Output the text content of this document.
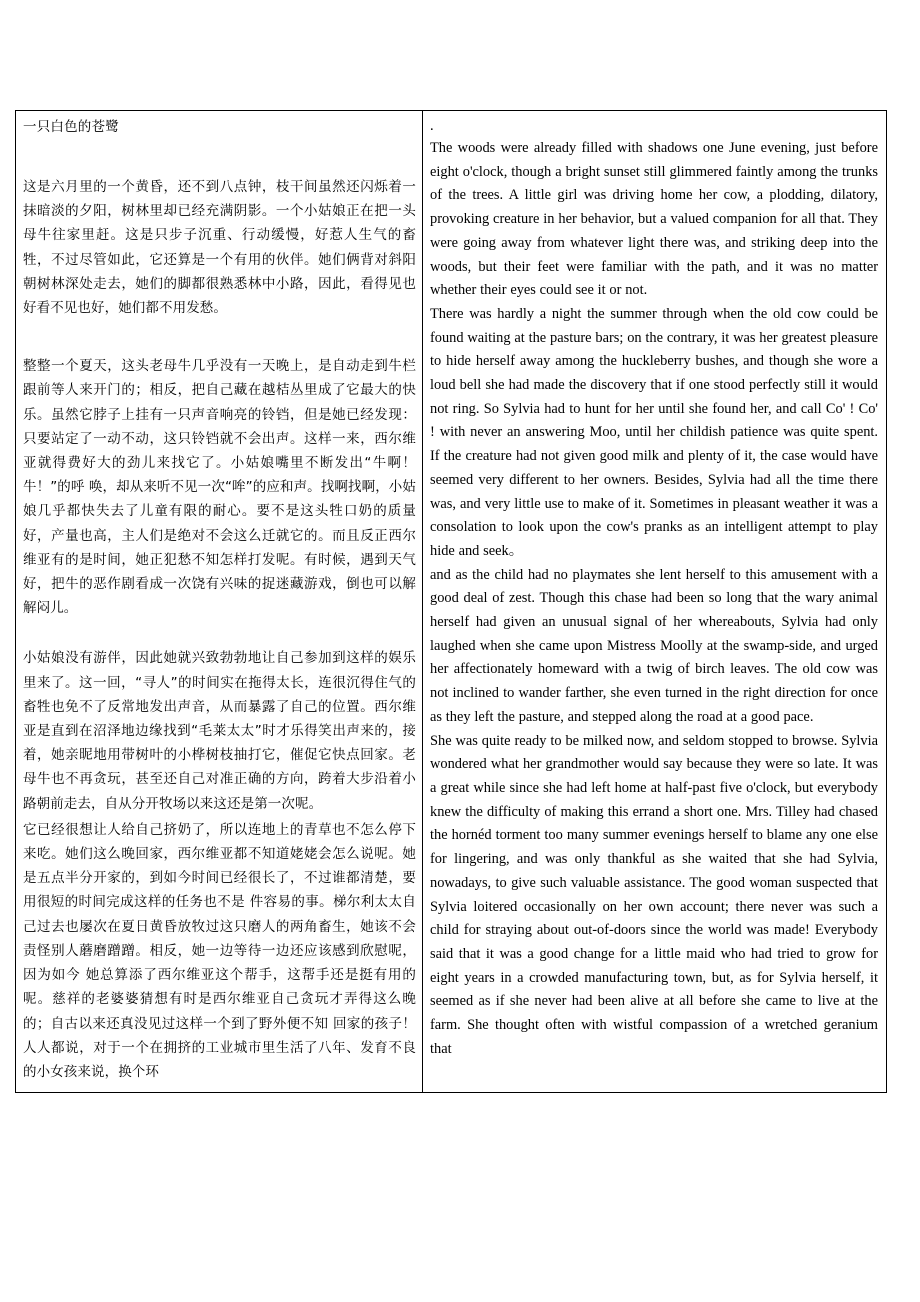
一只白色的苍鹭

这是六月里的一个黄昏，还不到八点钟，枝干间虽然还闪烁着一抹暗淡的夕阳，树林里却已经充满阴影。一个小姑娘正在把一头母牛往家里赶。这是只步子沉重、行动缓慢，好惹人生气的畜牲，不过尽管如此，它还算是一个有用的伙伴。她们俩背对斜阳朝树林深处走去，她们的脚都很熟悉林中小路，因此，看得见也好看不见也好，她们都不用发愁。

整整一个夏天，这头老母牛几乎没有一天晚上，是自动走到牛栏跟前等人来开门的；相反，把自己藏在越桔丛里成了它最大的快乐。虽然它脖子上挂有一只声音响亮的铃铛，但是她已经发现：只要站定了一动不动，这只铃铛就不会出声。这样一来，西尔维亚就得费好大的劲儿来找它了。小姑娘嘴里不断发出“牛啊！牛！”的呼 唤，却从来听不见一次“哞”的应和声。找啊找啊，小姑娘几乎都快失去了儿童有限的耐心。要不是这头牲口奶的质量好，产量也高，主人们是绝对不会这么迁就它的。而且反正西尔维亚有的是时间，她正犯愁不知怎样打发呢。有时候，遇到天气好，把牛的恶作剧看成一次饶有兴味的捉迷藏游戏，倒也可以解解闷儿。

小姑娘没有游伴，因此她就兴致勃勃地让自己参加到这样的娱乐里来了。这一回，“寻人”的时间实在拖得太长，连很沉得住气的畜牲也免不了反常地发出声音，从而暴露了自己的位置。西尔维亚是直到在沼泽地边缘找到“毛莱太太”时才乐得笑出声来的，接着，她亲昵地用带树叶的小桦树枝抽打它，催促它快点回家。老母牛也不再贪玩，甚至还自己对准正确的方向，跨着大步沿着小路朝前走去，自从分开牧场以来这还是第一次呢。

它已经很想让人给自己挤奶了，所以连地上的青草也不怎么停下 来吃。她们这么晚回家，西尔维亚都不知道姥姥会怎么说呢。她是五点半分开家的，到如今时间已经很长了，不过谁都清楚，要用很短的时间完成这样的任务也不是 件容易的事。梯尔利太太自己过去也屡次在夏日黄昏放牧过这只磨人的两角畜生，她该不会责怪别人蘑磨蹭蹭。相反，她一边等待一边还应该感到欣慰呢，因为如今 她总算添了西尔维亚这个帮手，这帮手还是挺有用的呢。慈祥的老婆婆猜想有时是西尔维亚自己贪玩才弄得这么晚的；自古以来还真没见过这样一个到了野外便不知 回家的孩子！人人都说，对于一个在拥挤的工业城市里生活了八年、发育不良的小女孩来说，换个环

.

The woods were already filled with shadows one June evening, just before eight o'clock, though a bright sunset still glimmered faintly among the trunks of the trees. A little girl was driving home her cow, a plodding, dilatory, provoking creature in her behavior, but a valued companion for all that. They were going away from whatever light there was, and striking deep into the woods, but their feet were familiar with the path, and it was no matter whether their eyes could see it or not.

There was hardly a night the summer through when the old cow could be found waiting at the pasture bars; on the contrary, it was her greatest pleasure to hide herself away among the huckleberry bushes, and though she wore a loud bell she had made the discovery that if one stood perfectly still it would not ring. So Sylvia had to hunt for her until she found her, and call Co' ! Co' ! with never an answering Moo, until her childish patience was quite spent. If the creature had not given good milk and plenty of it, the case would have seemed very different to her owners. Besides, Sylvia had all the time there was, and very little use to make of it. Sometimes in pleasant weather it was a consolation to look upon the cow's pranks as an intelligent attempt to play hide and seek。

and as the child had no playmates she lent herself to this amusement with a good deal of zest. Though this chase had been so long that the wary animal herself had given an unusual signal of her whereabouts, Sylvia had only laughed when she came upon Mistress Moolly at the swamp-side, and urged her affectionately homeward with a twig of birch leaves. The old cow was not inclined to wander farther, she even turned in the right direction for once as they left the pasture, and stepped along the road at a good pace.

She was quite ready to be milked now, and seldom stopped to browse. Sylvia wondered what her grandmother would say because they were so late. It was a great while since she had left home at half-past five o'clock, but everybody knew the difficulty of making this errand a short one. Mrs. Tilley had chased the hornéd torment too many summer evenings herself to blame any one else for lingering, and was only thankful as she waited that she had Sylvia, nowadays, to give such valuable assistance. The good woman suspected that Sylvia loitered occasionally on her own account; there never was such a child for straying about out-of-doors since the world was made! Everybody said that it was a good change for a little maid who had tried to grow for eight years in a crowded manufacturing town, but, as for Sylvia herself, it seemed as if she never had been alive at all before she came to live at the farm. She thought often with wistful compassion of a wretched geranium that
